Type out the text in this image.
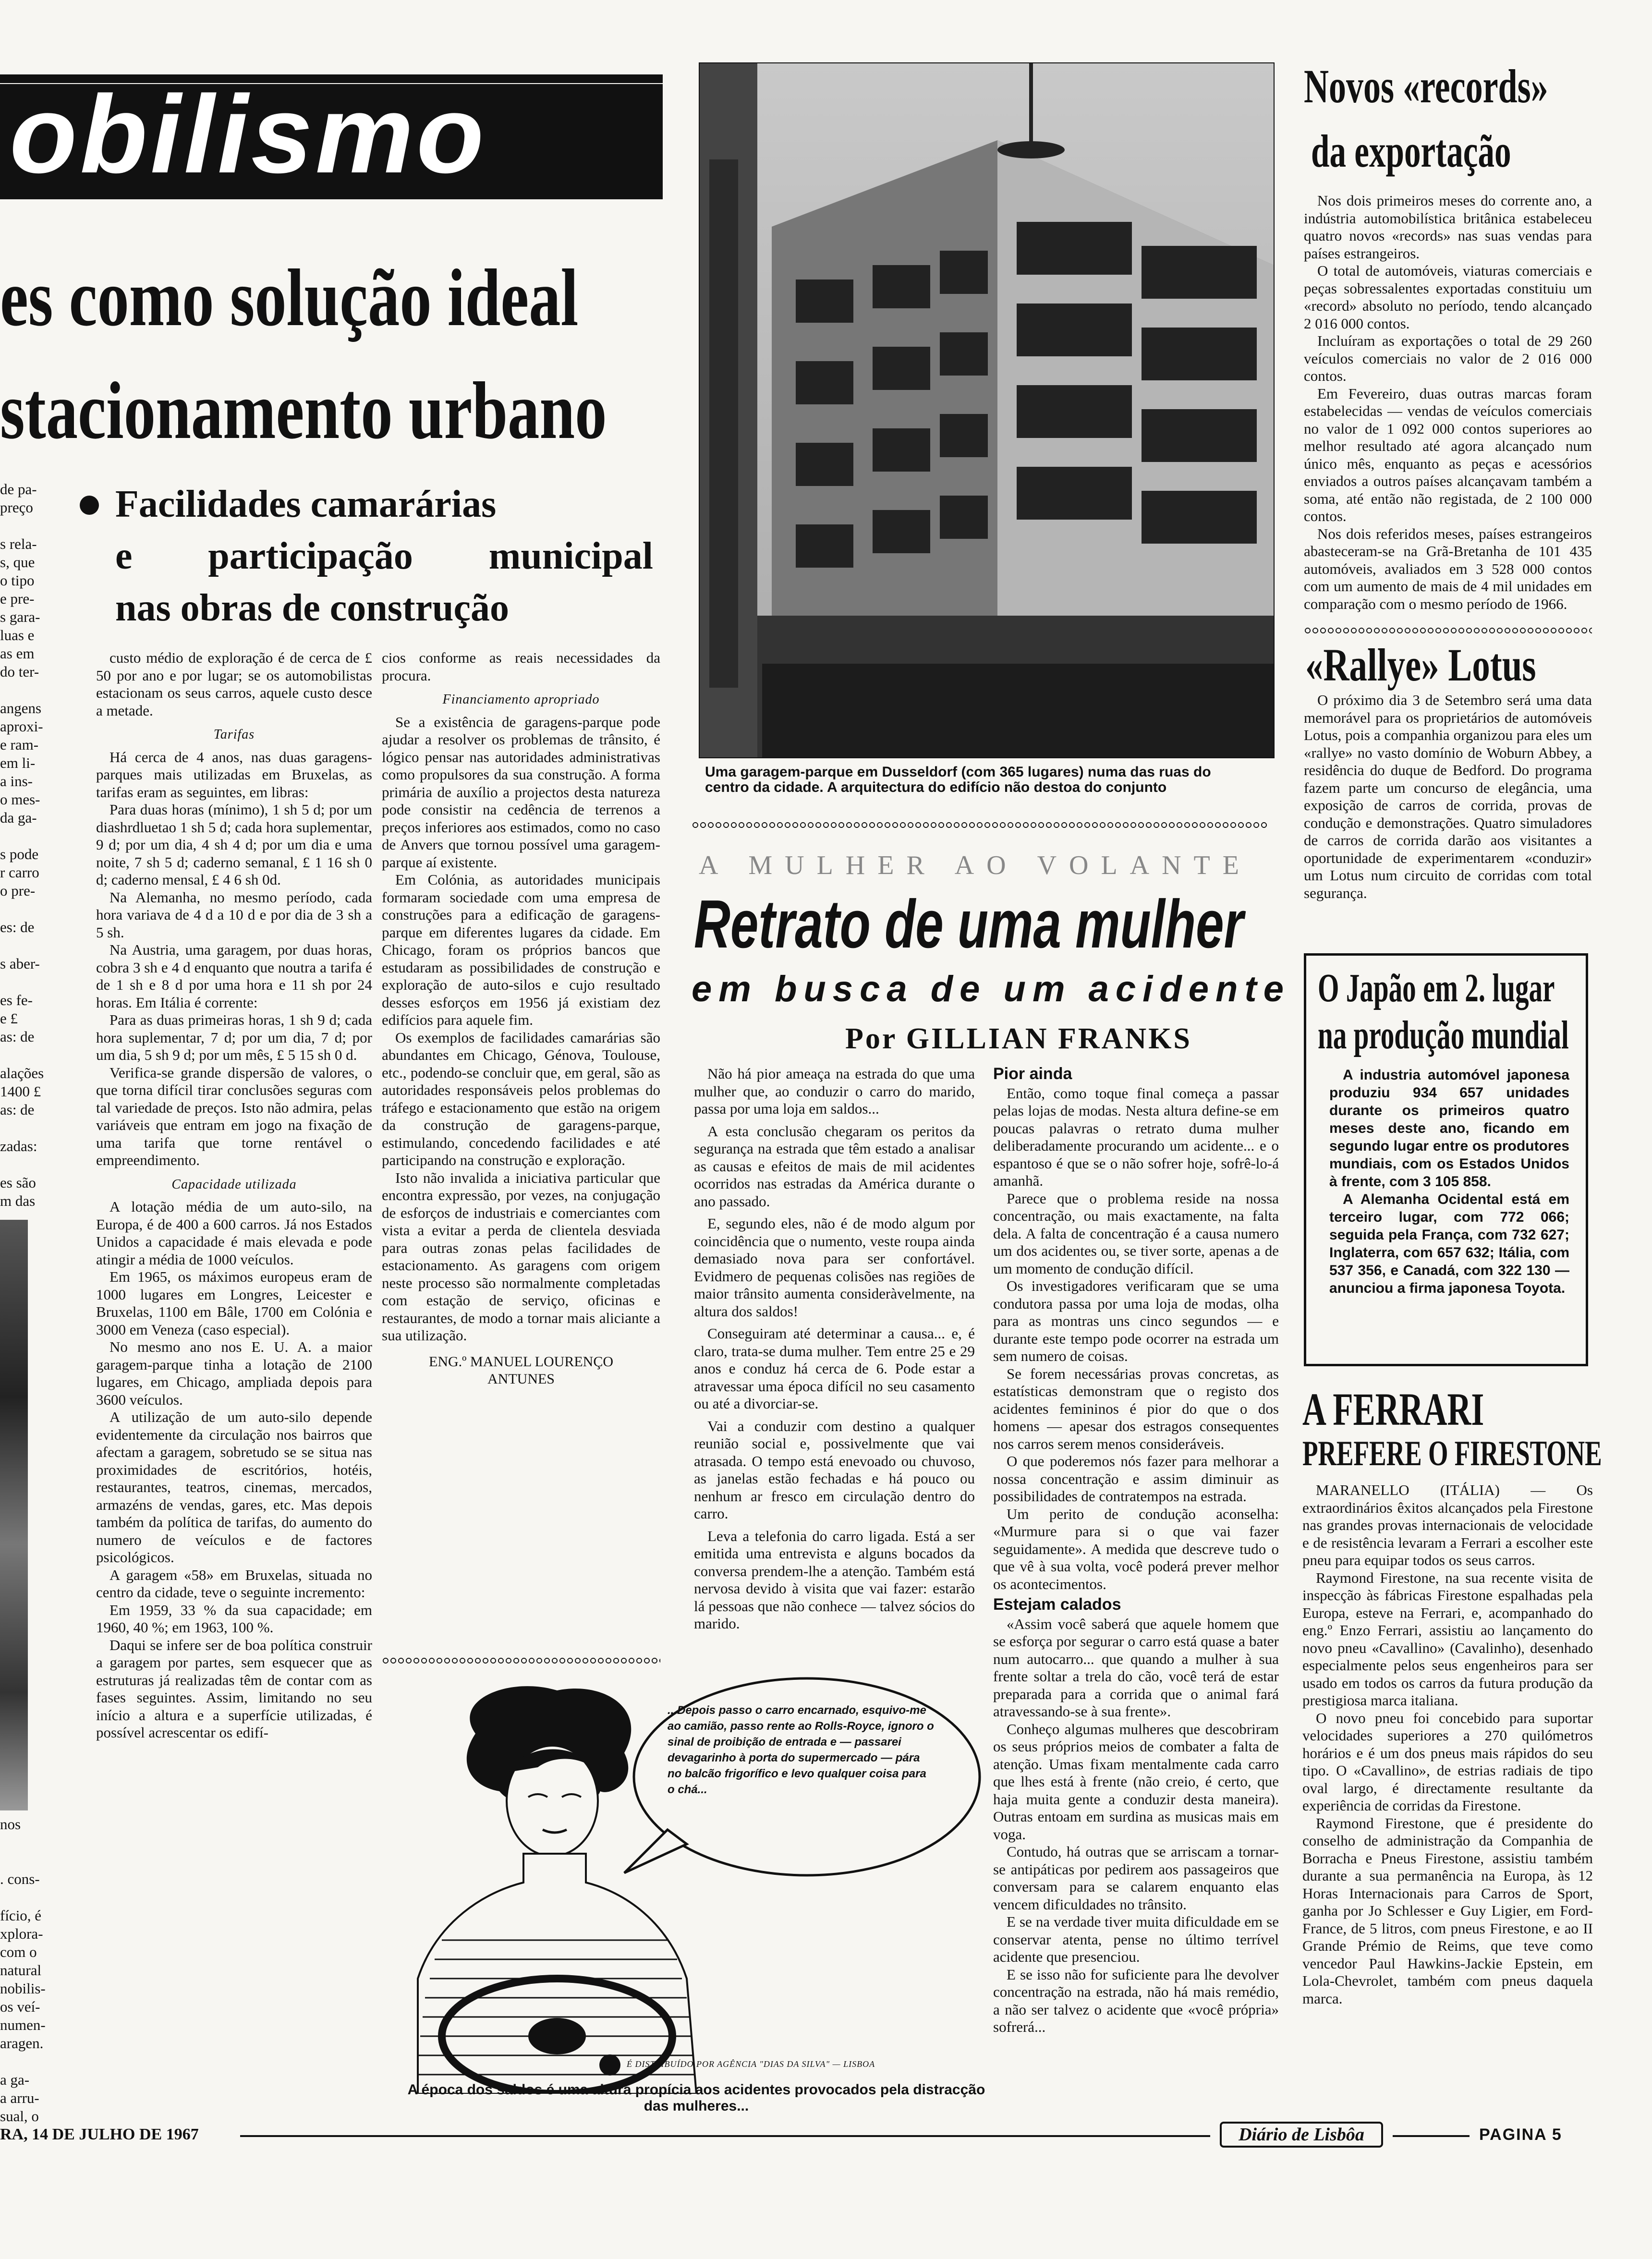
obilismo
es como solução ideal
stacionamento urbano
Facilidades camarárias
e participação municipal
nas obras de construção
de pa-
preço

s rela-
s, que
o tipo
e pre-
s gara-
luas e
as em
do ter-

angens
aproxi-
e ram-
em li-
a ins-
o mes-
da ga-

s pode
r carro
o pre-

es: de

s aber-

es fe-
e £
as: de

alações
1400 £
as: de

zadas:

es são
m das
nos

. cons-

fício, é
xplora-
com o
natural
nobilis-
os veí-
numen-
aragen.

a ga-
a arru-
sual, o

custo médio de exploração é de cerca de £ 50 por ano e por lugar; se os automobilistas estacionam os seus carros, aquele custo desce a metade.

Tarifas

Há cerca de 4 anos, nas duas garagens-parques mais utilizadas em Bruxelas, as tarifas eram as seguintes, em libras:

Para duas horas (mínimo), 1 sh 5 d; por um diashrdluetao 1 sh 5 d; cada hora suplementar, 9 d; por um dia, 4 sh 4 d; por um dia e uma noite, 7 sh 5 d; caderno semanal, £ 1 16 sh 0 d; caderno mensal, £ 4 6 sh 0d.

Na Alemanha, no mesmo período, cada hora variava de 4 d a 10 d e por dia de 3 sh a 5 sh.

Na Austria, uma garagem, por duas horas, cobra 3 sh e 4 d enquanto que noutra a tarifa é de 1 sh e 8 d por uma hora e 11 sh por 24 horas. Em Itália é corrente:

Para as duas primeiras horas, 1 sh 9 d; cada hora suplementar, 7 d; por um dia, 7 d; por um dia, 5 sh 9 d; por um mês, £ 5 15 sh 0 d.

Verifica-se grande dispersão de valores, o que torna difícil tirar conclusões seguras com tal variedade de preços. Isto não admira, pelas variáveis que entram em jogo na fixação de uma tarifa que torne rentável o empreendimento.

Capacidade utilizada

A lotação média de um auto-silo, na Europa, é de 400 a 600 carros. Já nos Estados Unidos a capacidade é mais elevada e pode atingir a média de 1000 veículos.

Em 1965, os máximos europeus eram de 1000 lugares em Longres, Leicester e Bruxelas, 1100 em Bâle, 1700 em Colónia e 3000 em Veneza (caso especial).

No mesmo ano nos E. U. A. a maior garagem-parque tinha a lotação de 2100 lugares, em Chicago, ampliada depois para 3600 veículos.

A utilização de um auto-silo depende evidentemente da circulação nos bairros que afectam a garagem, sobretudo se se situa nas proximidades de escritórios, hotéis, restaurantes, teatros, cinemas, mercados, armazéns de vendas, gares, etc. Mas depois também da política de tarifas, do aumento do numero de veículos e de factores psicológicos.

A garagem «58» em Bruxelas, situada no centro da cidade, teve o seguinte incremento:

Em 1959, 33 % da sua capacidade; em 1960, 40 %; em 1963, 100 %.

Daqui se infere ser de boa política construir a garagem por partes, sem esquecer que as estruturas já realizadas têm de contar com as fases seguintes. Assim, limitando no seu início a altura e a superfície utilizadas, é possível acrescentar os edifí-

cios conforme as reais necessidades da procura.

Financiamento apropriado

Se a existência de garagens-parque pode ajudar a resolver os problemas de trânsito, é lógico pensar nas autoridades administrativas como propulsores da sua construção. A forma primária de auxílio a projectos desta natureza pode consistir na cedência de terrenos a preços inferiores aos estimados, como no caso de Anvers que tornou possível uma garagem-parque aí existente.

Em Colónia, as autoridades municipais formaram sociedade com uma empresa de construções para a edificação de garagens-parque em diferentes lugares da cidade. Em Chicago, foram os próprios bancos que estudaram as possibilidades de construção e exploração de auto-silos e cujo resultado desses esforços em 1956 já existiam dez edifícios para aquele fim.

Os exemplos de facilidades camarárias são abundantes em Chicago, Génova, Toulouse, etc., podendo-se concluir que, em geral, são as autoridades responsáveis pelos problemas do tráfego e estacionamento que estão na origem da construção de garagens-parque, estimulando, concedendo facilidades e até participando na construção e exploração.

Isto não invalida a iniciativa particular que encontra expressão, por vezes, na conjugação de esforços de industriais e comerciantes com vista a evitar a perda de clientela desviada para outras zonas pelas facilidades de estacionamento. As garagens com origem neste processo são normalmente completadas com estação de serviço, oficinas e restaurantes, de modo a tornar mais aliciante a sua utilização.

ENG.º MANUEL LOURENÇO
ANTUNES
Uma garagem-parque em Dusseldorf (com 365 lugares) numa das ruas do centro da cidade. A arquitectura do edifício não destoa do conjunto
A MULHER AO VOLANTE
Retrato de uma mulher
em busca de um acidente
Por GILLIAN FRANKS

Não há pior ameaça na estrada do que uma mulher que, ao conduzir o carro do marido, passa por uma loja em saldos...

A esta conclusão chegaram os peritos da segurança na estrada que têm estado a analisar as causas e efeitos de mais de mil acidentes ocorridos nas estradas da América durante o ano passado.

E, segundo eles, não é de modo algum por coincidência que o numento, veste roupa ainda demasiado nova para ser confortável. Evidmero de pequenas colisões nas regiões de maior trânsito aumenta consideràvelmente, na altura dos saldos!

Conseguiram até determinar a causa... e, é claro, trata-se duma mulher. Tem entre 25 e 29 anos e conduz há cerca de 6. Pode estar a atravessar uma época difícil no seu casamento ou até a divorciar-se.

Vai a conduzir com destino a qualquer reunião social e, possivelmente que vai atrasada. O tempo está enevoado ou chuvoso, as janelas estão fechadas e há pouco ou nenhum ar fresco em circulação dentro do carro.

Leva a telefonia do carro ligada. Está a ser emitida uma entrevista e alguns bocados da conversa prendem-lhe a atenção. Também está nervosa devido à visita que vai fazer: estarão lá pessoas que não conhece — talvez sócios do marido.

Pior ainda

Então, como toque final começa a passar pelas lojas de modas. Nesta altura define-se em poucas palavras o retrato duma mulher deliberadamente procurando um acidente... e o espantoso é que se o não sofrer hoje, sofrê-lo-á amanhã.

Parece que o problema reside na nossa concentração, ou mais exactamente, na falta dela. A falta de concentração é a causa numero um dos acidentes ou, se tiver sorte, apenas a de um momento de condução difícil.

Os investigadores verificaram que se uma condutora passa por uma loja de modas, olha para as montras uns cinco segundos — e durante este tempo pode ocorrer na estrada um sem numero de coisas.

Se forem necessárias provas concretas, as estatísticas demonstram que o registo dos acidentes femininos é pior do que o dos homens — apesar dos estragos consequentes nos carros serem menos consideráveis.

O que poderemos nós fazer para melhorar a nossa concentração e assim diminuir as possibilidades de contratempos na estrada.

Um perito de condução aconselha: «Murmure para si o que vai fazer seguidamente». A medida que descreve tudo o que vê à sua volta, você poderá prever melhor os acontecimentos.

Estejam calados

«Assim você saberá que aquele homem que se esforça por segurar o carro está quase a bater num autocarro... que quando a mulher à sua frente soltar a trela do cão, você terá de estar preparada para a corrida que o animal fará atravessando-se à sua frente».

Conheço algumas mulheres que descobriram os seus próprios meios de combater a falta de atenção. Umas fixam mentalmente cada carro que lhes está à frente (não creio, é certo, que haja muita gente a conduzir desta maneira). Outras entoam em surdina as musicas mais em voga.

Contudo, há outras que se arriscam a tornar-se antipáticas por pedirem aos passageiros que conversam para se calarem enquanto elas vencem dificuldades no trânsito.

E se na verdade tiver muita dificuldade em se conservar atenta, pense no último terrível acidente que presenciou.

E se isso não for suficiente para lhe devolver concentração na estrada, não há mais remédio, a não ser talvez o acidente que «você própria» sofrerá...

...Depois passo o carro encarnado, esquivo-me ao camião, passo rente ao Rolls-Royce, ignoro o sinal de proibição de entrada e — passarei devagarinho à porta do supermercado — pára no balcão frigorífico e levo qualquer coisa para o chá...
É DISTRIBUÍDO POR AGÊNCIA "DIAS DA SILVA" — LISBOA
A época dos saldos é uma altura propícia aos acidentes provocados pela distracção das mulheres...
Novos «records»
da exportação

Nos dois primeiros meses do corrente ano, a indústria automobilística britânica estabeleceu quatro novos «records» nas suas vendas para países estrangeiros.

O total de automóveis, viaturas comerciais e peças sobressalentes exportadas constituiu um «record» absoluto no período, tendo alcançado 2 016 000 contos.

Incluíram as exportações o total de 29 260 veículos comerciais no valor de 2 016 000 contos.

Em Fevereiro, duas outras marcas foram estabelecidas — vendas de veículos comerciais no valor de 1 092 000 contos superiores ao melhor resultado até agora alcançado num único mês, enquanto as peças e acessórios enviados a outros países alcançavam também a soma, até então não registada, de 2 100 000 contos.

Nos dois referidos meses, países estrangeiros abasteceram-se na Grã-Bretanha de 101 435 automóveis, avaliados em 3 528 000 contos com um aumento de mais de 4 mil unidades em comparação com o mesmo período de 1966.

«Rallye» Lotus

O próximo dia 3 de Setembro será uma data memorável para os proprietários de automóveis Lotus, pois a companhia organizou para eles um «rallye» no vasto domínio de Woburn Abbey, a residência do duque de Bedford. Do programa fazem parte um concurso de elegância, uma exposição de carros de corrida, provas de condução e demonstrações. Quatro simuladores de carros de corrida darão aos visitantes a oportunidade de experimentarem «conduzir» um Lotus num circuito de corridas com total segurança.

O Japão em 2. lugar
na produção mundial

A industria automóvel japonesa produziu 934 657 unidades durante os primeiros quatro meses deste ano, ficando em segundo lugar entre os produtores mundiais, com os Estados Unidos à frente, com 3 105 858.

A Alemanha Ocidental está em terceiro lugar, com 772 066; seguida pela França, com 732 627; Inglaterra, com 657 632; Itália, com 537 356, e Canadá, com 322 130 — anunciou a firma japonesa Toyota.

A FERRARI
PREFERE O FIRESTONE

MARANELLO (ITÁLIA) — Os extraordinários êxitos alcançados pela Firestone nas grandes provas internacionais de velocidade e de resistência levaram a Ferrari a escolher este pneu para equipar todos os seus carros.

Raymond Firestone, na sua recente visita de inspecção às fábricas Firestone espalhadas pela Europa, esteve na Ferrari, e, acompanhado do eng.º Enzo Ferrari, assistiu ao lançamento do novo pneu «Cavallino» (Cavalinho), desenhado especialmente pelos seus engenheiros para ser usado em todos os carros da futura produção da prestigiosa marca italiana.

O novo pneu foi concebido para suportar velocidades superiores a 270 quilómetros horários e é um dos pneus mais rápidos do seu tipo. O «Cavallino», de estrias radiais de tipo oval largo, é directamente resultante da experiência de corridas da Firestone.

Raymond Firestone, que é presidente do conselho de administração da Companhia de Borracha e Pneus Firestone, assistiu também durante a sua permanência na Europa, às 12 Horas Internacionais para Carros de Sport, ganha por Jo Schlesser e Guy Ligier, em Ford-France, de 5 litros, com pneus Firestone, e ao II Grande Prémio de Reims, que teve como vencedor Paul Hawkins-Jackie Epstein, em Lola-Chevrolet, também com pneus daquela marca.

RA, 14 DE JULHO DE 1967	Diário de Lisbôa	PAGINA 5
